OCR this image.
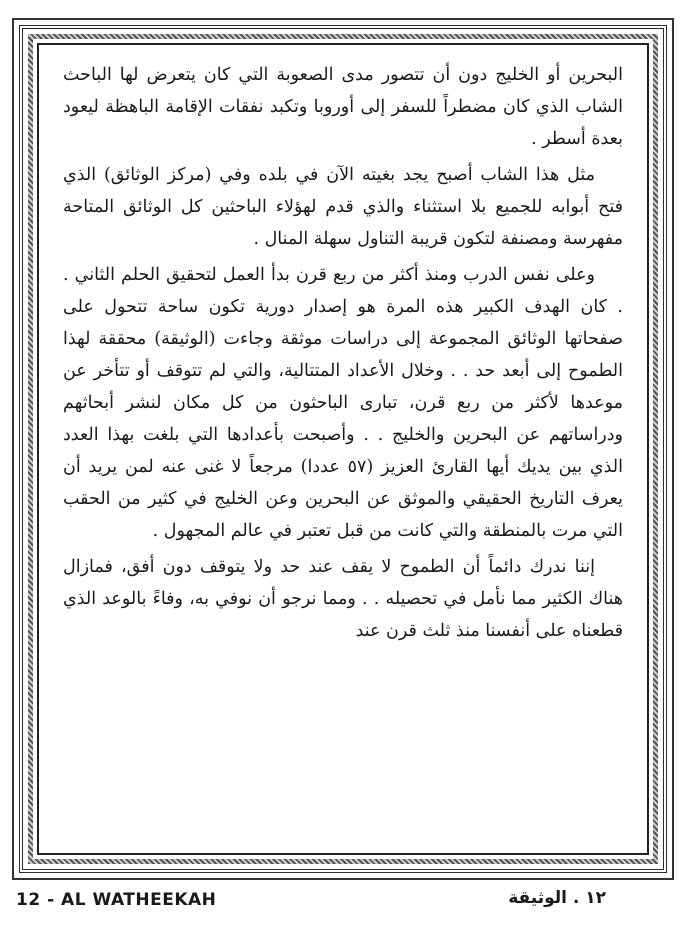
البحرين أو الخليج دون أن تتصور مدى الصعوبة التي كان يتعرض لها الباحث الشاب الذي كان مضطراً للسفر إلى أوروبا وتكبد نفقات الإقامة الباهظة ليعود بعدة أسطر .

مثل هذا الشاب أصبح يجد بغيته الآن في بلده وفي (مركز الوثائق) الذي فتح أبوابه للجميع بلا استثناء والذي قدم لهؤلاء الباحثين كل الوثائق المتاحة مفهرسة ومصنفة لتكون قريبة التناول سهلة المنال .

وعلى نفس الدرب ومنذ أكثر من ربع قرن بدأ العمل لتحقيق الحلم الثاني . . كان الهدف الكبير هذه المرة هو إصدار دورية تكون ساحة تتحول على صفحاتها الوثائق المجموعة إلى دراسات موثقة وجاءت (الوثيقة) محققة لهذا الطموح إلى أبعد حد . . وخلال الأعداد المتتالية، والتي لم تتوقف أو تتأخر عن موعدها لأكثر من ربع قرن، تبارى الباحثون من كل مكان لنشر أبحاثهم ودراساتهم عن البحرين والخليج . . وأصبحت بأعدادها التي بلغت بهذا العدد الذي بين يديك أيها القارئ العزيز (٥٧ عددا) مرجعاً لا غنى عنه لمن يريد أن يعرف التاريخ الحقيقي والموثق عن البحرين وعن الخليج في كثير من الحقب التي مرت بالمنطقة والتي كانت من قبل تعتبر في عالم المجهول .

إننا ندرك دائماً أن الطموح لا يقف عند حد ولا يتوقف دون أفق، فمازال هناك الكثير مما نأمل في تحصيله . . ومما نرجو أن نوفي به، وفاءً بالوعد الذي قطعناه على أنفسنا منذ ثلث قرن عند

12 - AL WATHEEKAH	١٢ . الوثيقة
